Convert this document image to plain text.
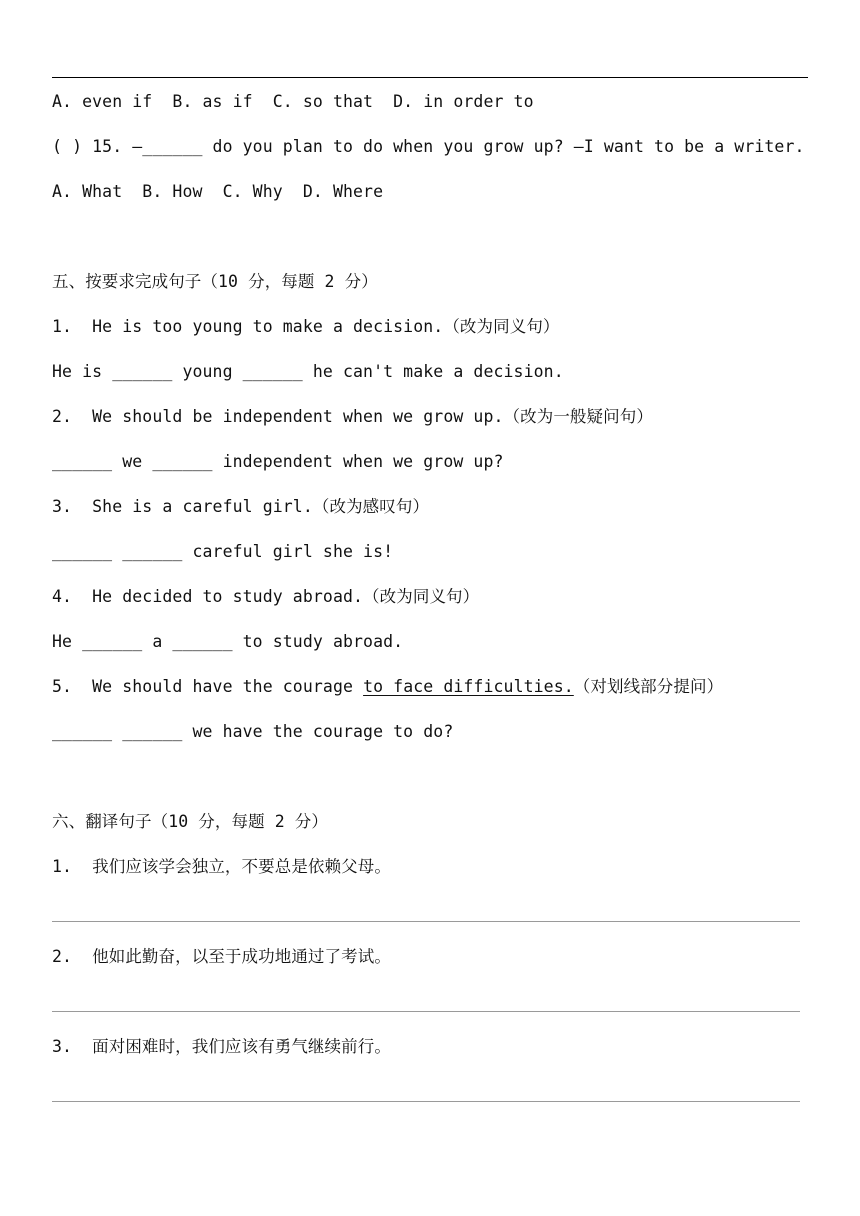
A. even if  B. as if  C. so that  D. in order to
( ) 15. —______ do you plan to do when you grow up? —I want to be a writer.
A. What  B. How  C. Why  D. Where
五、按要求完成句子（10 分，每题 2 分）
1.  He is too young to make a decision.（改为同义句）
He is ______ young ______ he can't make a decision.
2.  We should be independent when we grow up.（改为一般疑问句）
______ we ______ independent when we grow up?
3.  She is a careful girl.（改为感叹句）
______ ______ careful girl she is!
4.  He decided to study abroad.（改为同义句）
He ______ a ______ to study abroad.
5.  We should have the courage to face difficulties.（对划线部分提问）
______ ______ we have the courage to do?
六、翻译句子（10 分，每题 2 分）
1.  我们应该学会独立，不要总是依赖父母。
2.  他如此勤奋，以至于成功地通过了考试。
3.  面对困难时，我们应该有勇气继续前行。
